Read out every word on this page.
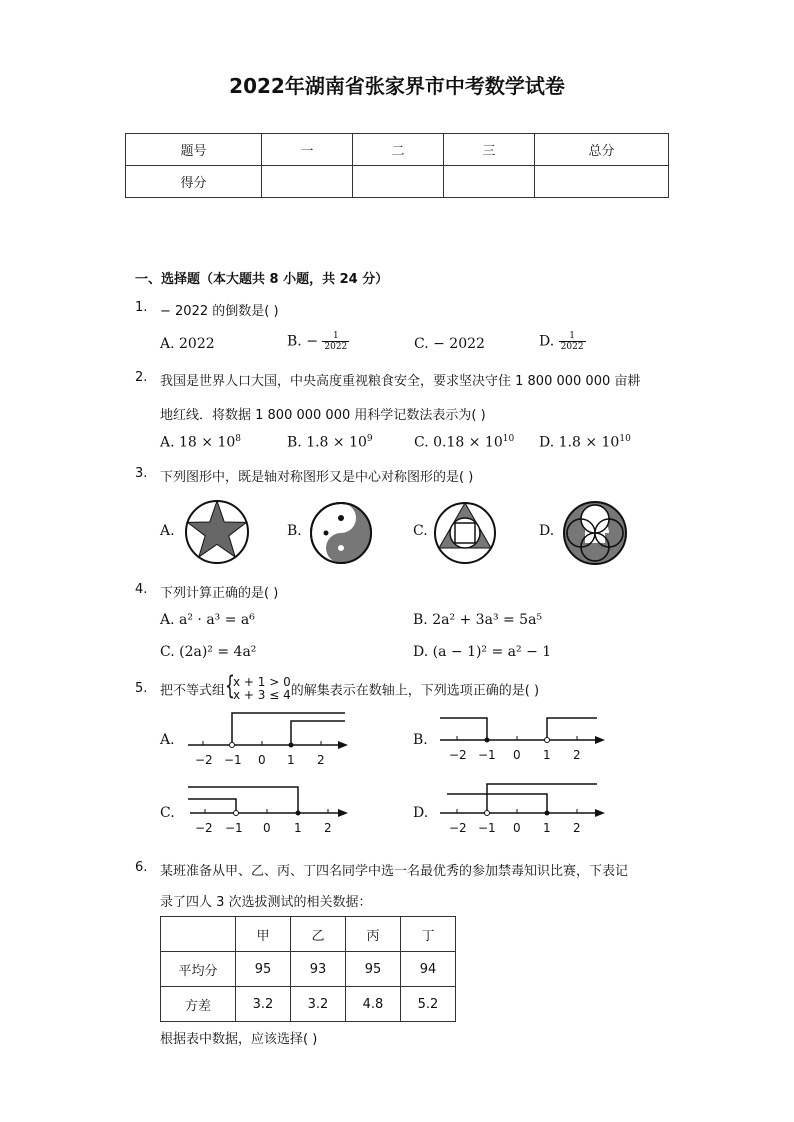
2022年湖南省张家界市中考数学试卷
题号	一	二	三	总分
得分				
一、选择题（本大题共 8 小题，共 24 分）
1. − 2022 的倒数是( )
A. 2022	B. − $\frac{1}{2022}$	C. − 2022	D. $\frac{1}{2022}$
2. 我国是世界人口大国，中央高度重视粮食安全，要求坚决守住 1 800 000 000 亩耕
地红线．将数据 1 800 000 000 用科学记数法表示为( )
A. $18 \times 10^8$	B. $1.8 \times 10^9$	C. $0.18 \times 10^{10}$ D. $1.8 \times 10^{10}$
3. 下列图形中，既是轴对称图形又是中心对称图形的是( )
A.	B.	C.	D.
4. 下列计算正确的是( )
A. a² · a³ = a⁶	B. 2a² + 3a³ = 5a⁵
C. (2a)² = 4a²	D. (a − 1)² = a² − 1
5. 把不等式组 {
x + 1 > 0
x + 3 ≤ 4 的解集表示在数轴上，下列选项正确的是( )
A.
−2 −1 0 1 2
B.
−2 −1 0 1 2
C.
−2 −1 0 1 2
D.
−2 −1 0 1 2
6. 某班准备从甲、乙、丙、丁四名同学中选一名最优秀的参加禁毒知识比赛，下表记
录了四人 3 次选拔测试的相关数据：
	甲	乙	丙	丁
平均分	95	93	95	94
方差	3.2	3.2	4.8	5.2
根据表中数据，应该选择( )
